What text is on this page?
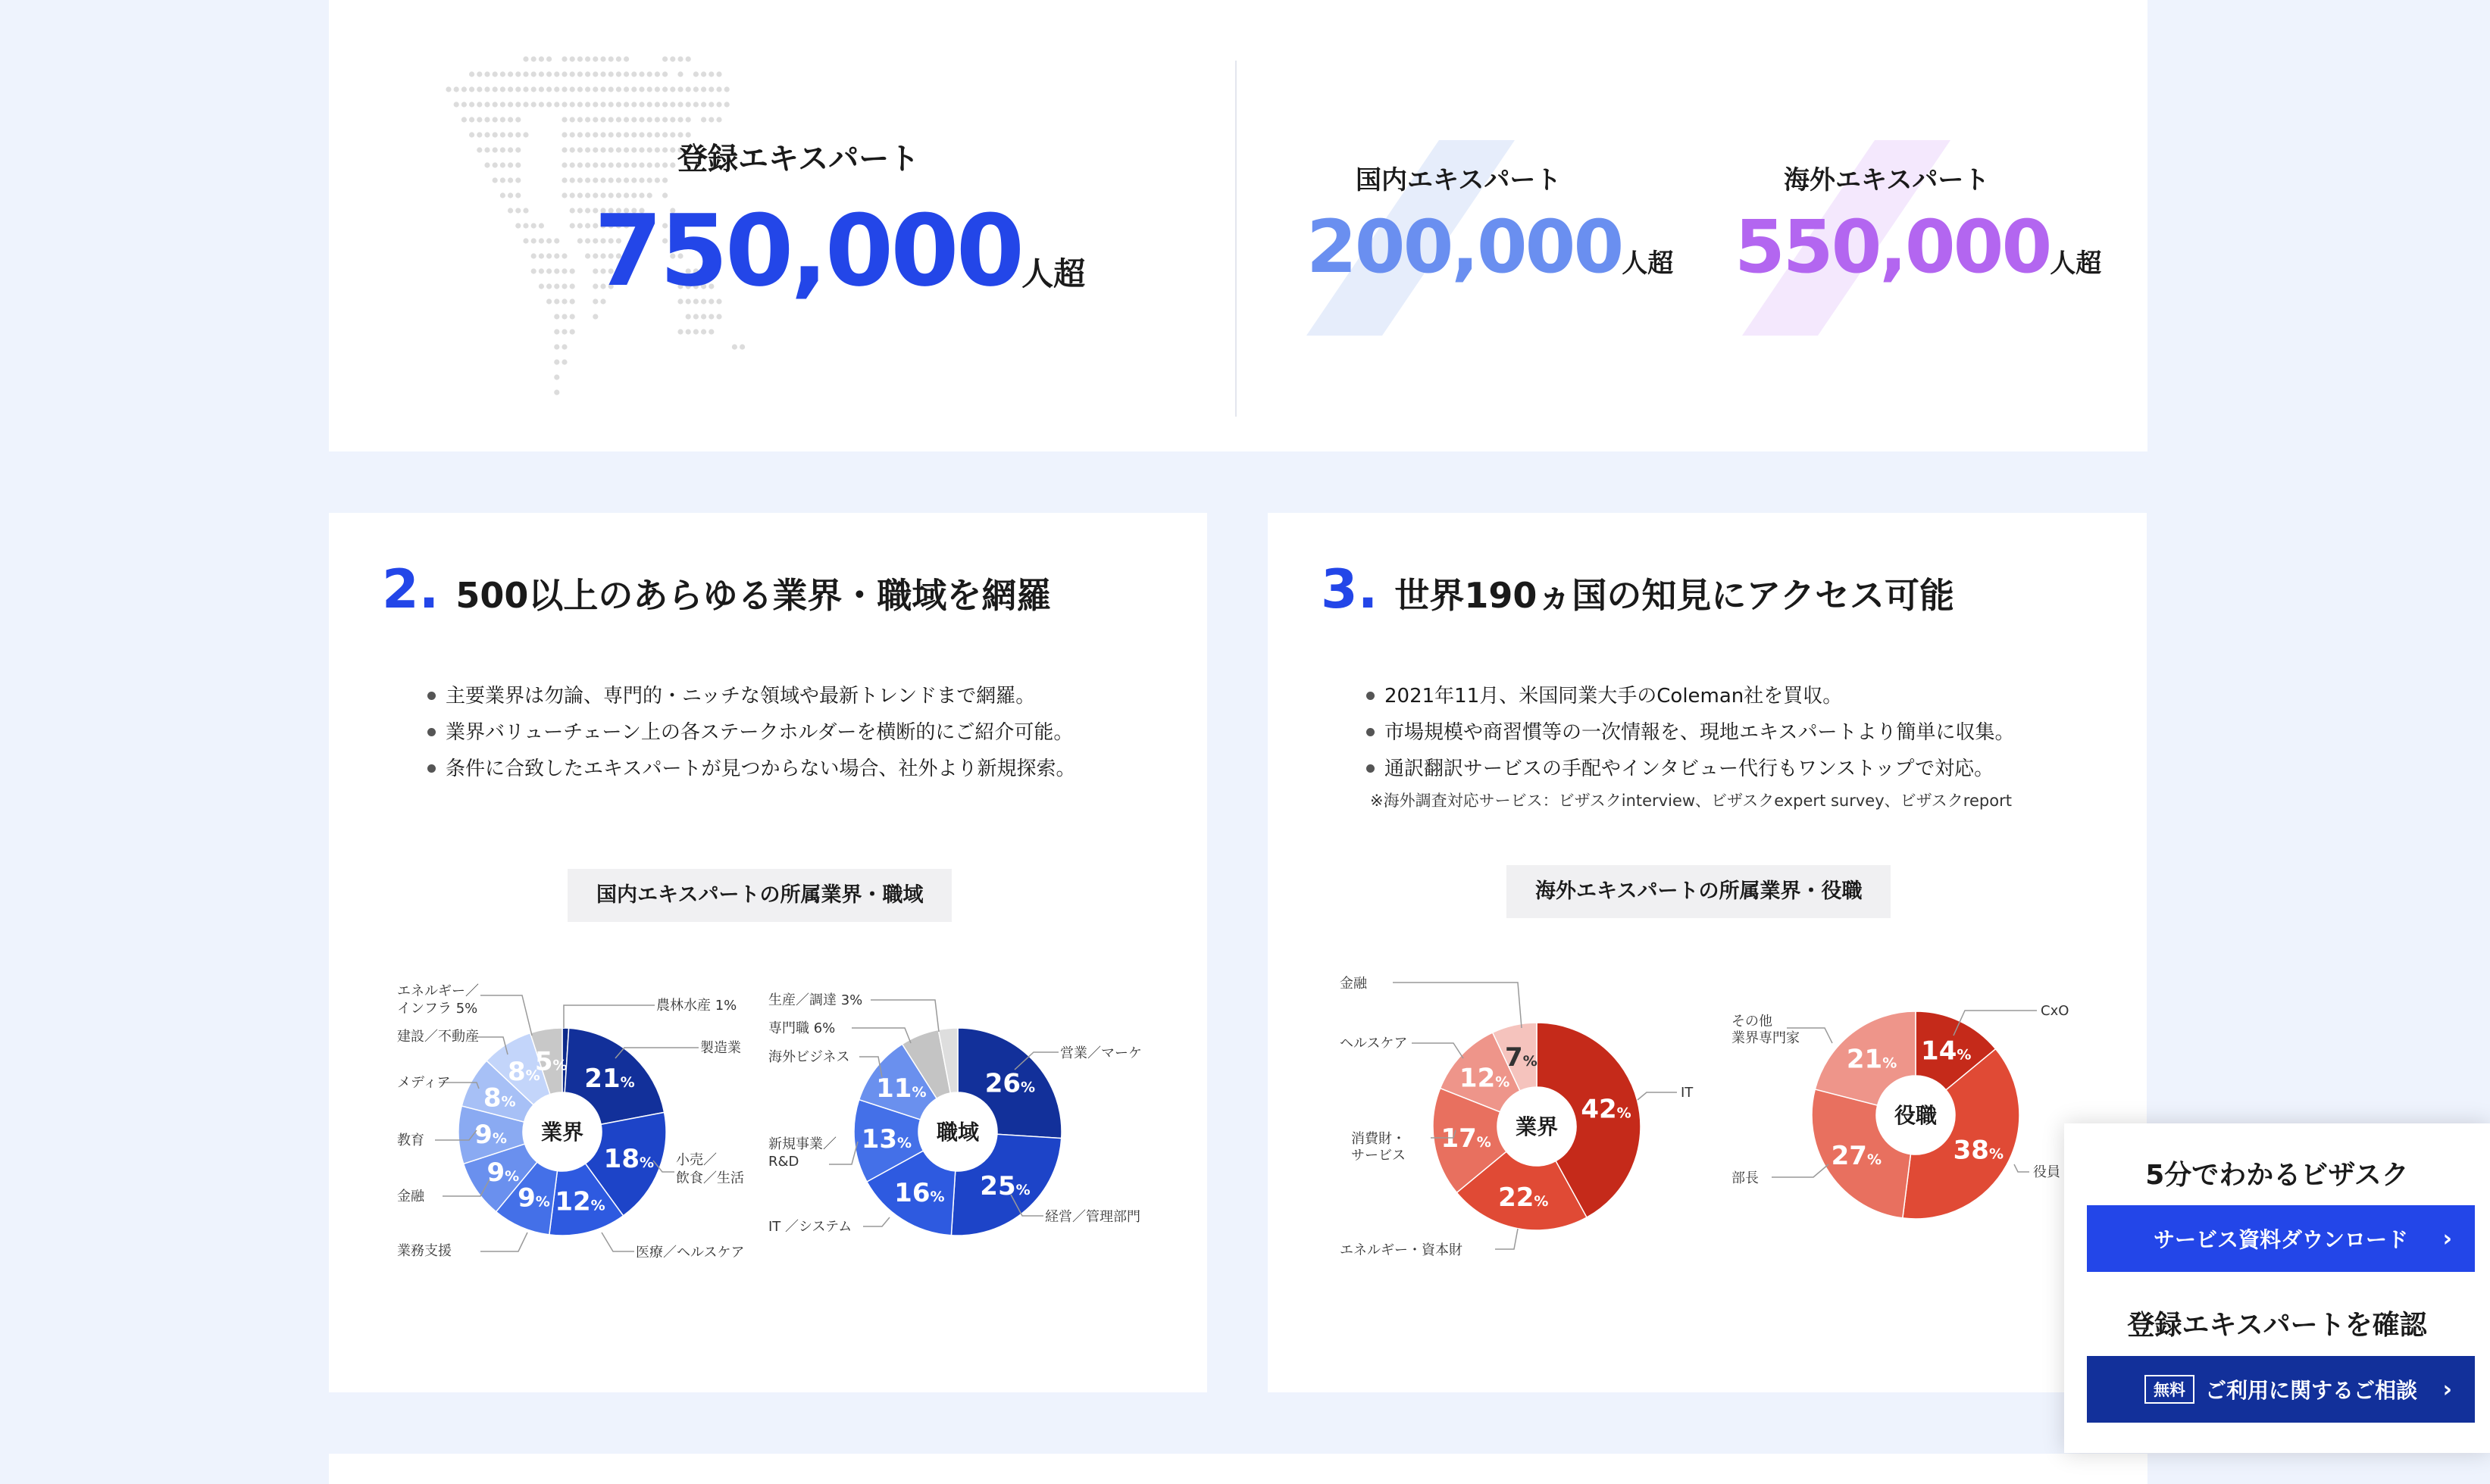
登録エキスパート
750,000 人超
国内エキスパート
200,000 人超
海外エキスパート
550,000 人超
2. 500以上のあらゆる業界・職域を網羅
主要業界は勿論、専門的・ニッチな領域や最新トレンドまで網羅。
業界バリューチェーン上の各ステークホルダーを横断的にご紹介可能。
条件に合致したエキスパートが見つからない場合、社外より新規探索。
国内エキスパートの所属業界・職域
21%
18%
12%
9%
9%
9%
8%
8%
5%
業界
26%
25%
16%
13%
11%
職域
農林水産 1%
製造業
小売／
飲食／生活
医療／ヘルスケア
業務支援
金融
教育
メディア
建設／不動産
エネルギー／
インフラ 5%
営業／マーケ
経営／管理部門
IT ／システム
新規事業／
R&D
海外ビジネス
専門職 6%
生産／調達 3%
3. 世界190ヵ国の知見にアクセス可能
2021年11月、米国同業大手のColeman社を買収。
市場規模や商習慣等の一次情報を、現地エキスパートより簡単に収集。
通訳翻訳サービスの手配やインタビュー代行もワンストップで対応。
※海外調査対応サービス：ビザスクinterview、ビザスクexpert survey、ビザスクreport
海外エキスパートの所属業界・役職
42%
22%
17%
12%
7%
業界
14%
38%
27%
21%
役職
IT
エネルギー・資本財
消費財・
サービス
ヘルスケア
金融
CxO
役員
部長
その他
業界専門家
5分でわかるビザスク
サービス資料ダウンロード ›
登録エキスパートを確認
無料 ご利用に関するご相談 ›
